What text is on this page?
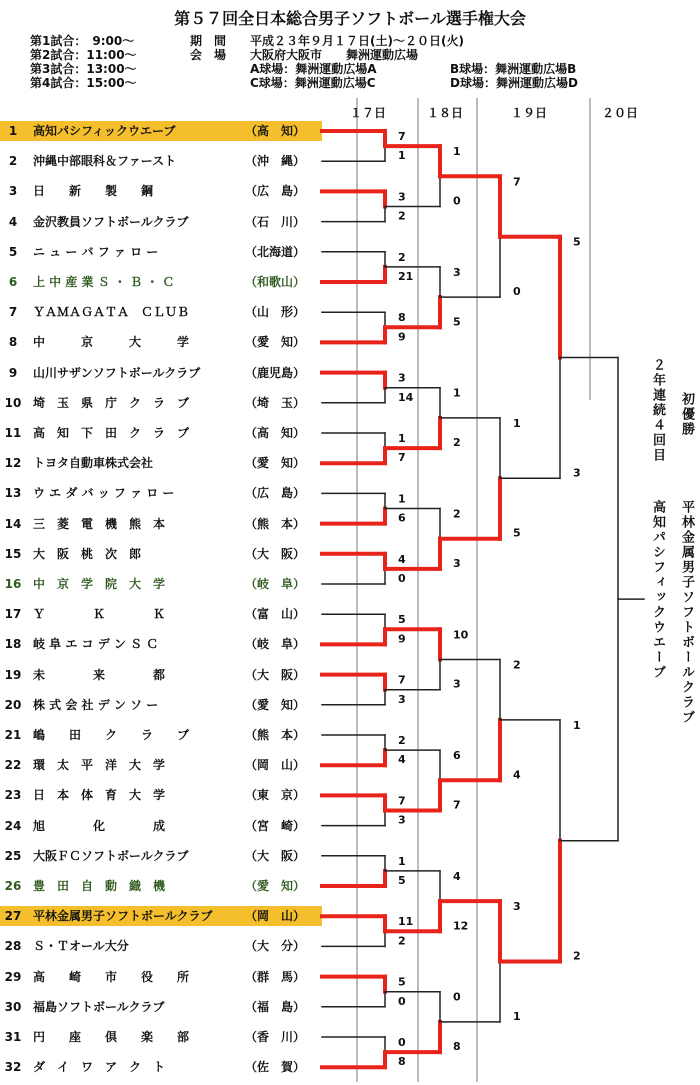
第５７回全日本総合男子ソフトボール選手権大会
第1試合：　9:00〜
第2試合：11:00〜
第3試合：13:00〜
第4試合：15:00〜
期　間 平成２３年９月１７日(土)〜２０日(火)
会　場 大阪府大阪市　　舞洲運動広場
A球場：舞洲運動広場A	B球場：舞洲運動広場B
C球場：舞洲運動広場C	D球場：舞洲運動広場D
１７日	１８日	１９日	２０日
1	高知パシフィックウエーブ	（高　知）
2	沖縄中部眼科＆ファースト	（沖　縄）
3	日　　新　　製　　鋼	（広　島）
4	金沢教員ソフトボールクラブ	（石　川）
5	ニ ュ ー バ フ ァ ロ ー	（北海道）
6	上 中 産 業 Ｓ ・ Ｂ ・ Ｃ	（和歌山）
7	ＹＡＭＡＧＡＴＡ　ＣＬＵＢ	（山　形）
8	中　　　京　　　大　　　学	（愛　知）
9	山川サザンソフトボールクラブ	（鹿児島）
10 埼　玉　県　庁　ク　ラ　ブ	（埼　玉）
11 高　知　下　田　ク　ラ　ブ	（高　知）
12 トヨタ自動車株式会社	（愛　知）
13 ウ エ ダ バ ッ フ ァ ロ ー	（広　島）
14 三　菱　電　機　熊　本	（熊　本）
15 大　阪　桃　次　郎	（大　阪）
16 中　京　学　院　大　学	（岐　阜）
17 Ｙ　　　　Ｋ　　　　Ｋ	（富　山）
18 岐 阜 エ コ デ ン Ｓ Ｃ	（岐　阜）
19 未　　　　来　　　　都	（大　阪）
20 株 式 会 社 デ ン ソ ー	（愛　知）
21 嶋　　田　　ク　　ラ　　ブ	（熊　本）
22 環　太　平　洋　大　学	（岡　山）
23 日　本　体　育　大　学	（東　京）
24 旭　　　　化　　　　成	（宮　崎）
25 大阪ＦＣソフトボールクラブ	（大　阪）
26 豊　田　自　動　織　機	（愛　知）
27 平林金属男子ソフトボールクラブ	（岡　山）
28 Ｓ・Ｔオール大分	（大　分）
29 高　　崎　　市　　役　　所	（群　馬）
30 福島ソフトボールクラブ	（福　島）
31 円　　座　　倶　　楽　　部	（香　川）
32 ダ　イ　ワ　ア　ク　ト	（佐　賀）
7
1
3
2
2
21
8
9
3
14
1
7
1
6
4
0
5
9
7
3
2
4
7
3
1
5
11
2
5
0
0
8
1
0
3
5
1
2
2
3
10
3
6
7
4
12
0
8
7
0
1
5
2
4
3
1
5
3
1
2
初優勝
平林金属男子ソフトボールクラブ
２年連続４回目
高知パシフィックウエーブ
